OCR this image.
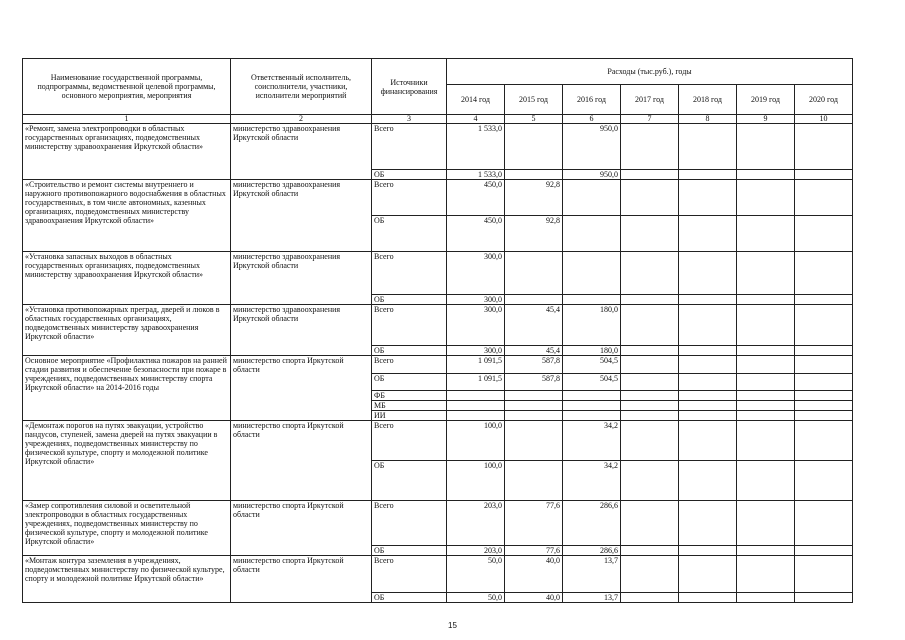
Наименование государственной программы, подпрограммы, ведомственной целевой программы, основного мероприятия, мероприятия	Ответственный исполнитель, соисполнители, участники, исполнители мероприятий	Источники финансирования	Расходы (тыс.руб.), годы						
			2014 год	2015 год	2016 год	2017 год	2018 год	2019 год	2020 год
1	2	3	4	5	6	7	8	9	10
«Ремонт, замена электропроводки в областных государственных организациях, подведомственных министерству здравоохранения Иркутской области»	министерство здравоохранения Иркутской области	Всего	1 533,0		950,0				
		ОБ	1 533,0		950,0				
«Строительство и ремонт системы внутреннего и наружного противопожарного водоснабжения в областных государственных, в том числе автономных, казенных организациях, подведомственных министерству здравоохранения Иркутской области»	министерство здравоохранения Иркутской области	Всего	450,0	92,8					
		ОБ	450,0	92,8					
«Установка запасных выходов в областных государственных организациях, подведомственных министерству здравоохранения Иркутской области»	министерство здравоохранения Иркутской области	Всего	300,0						
		ОБ	300,0						
«Установка противопожарных преград, дверей и люков в областных государственных организациях, подведомственных министерству здравоохранения Иркутской области»	министерство здравоохранения Иркутской области	Всего	300,0	45,4	180,0				
		ОБ	300,0	45,4	180,0				
Основное мероприятие «Профилактика пожаров на ранней стадии развития и обеспечение безопасности при пожаре в учреждениях, подведомственных министерству спорта Иркутской области» на 2014-2016 годы	министерство спорта Иркутской области	Всего	1 091,5	587,8	504,5				
		ОБ	1 091,5	587,8	504,5				
		ФБ							
		МБ							
		ИИ							
«Демонтаж порогов на путях эвакуации, устройство пандусов, ступеней, замена дверей на путях эвакуации в учреждениях, подведомственных министерству по физической культуре, спорту и молодежной политике Иркутской области»	министерство спорта Иркутской области	Всего	100,0		34,2				
		ОБ	100,0		34,2				
«Замер сопротивления силовой и осветительной электропроводки в областных государственных учреждениях, подведомственных министерству по физической культуре, спорту и молодежной политике Иркутской области»	министерство спорта Иркутской области	Всего	203,0	77,6	286,6				
		ОБ	203,0	77,6	286,6				
«Монтаж контура заземления в учреждениях, подведомственных министерству по физической культуре, спорту и молодежной политике Иркутской области»	министерство спорта Иркутской области	Всего	50,0	40,0	13,7				
		ОБ	50,0	40,0	13,7				
15
